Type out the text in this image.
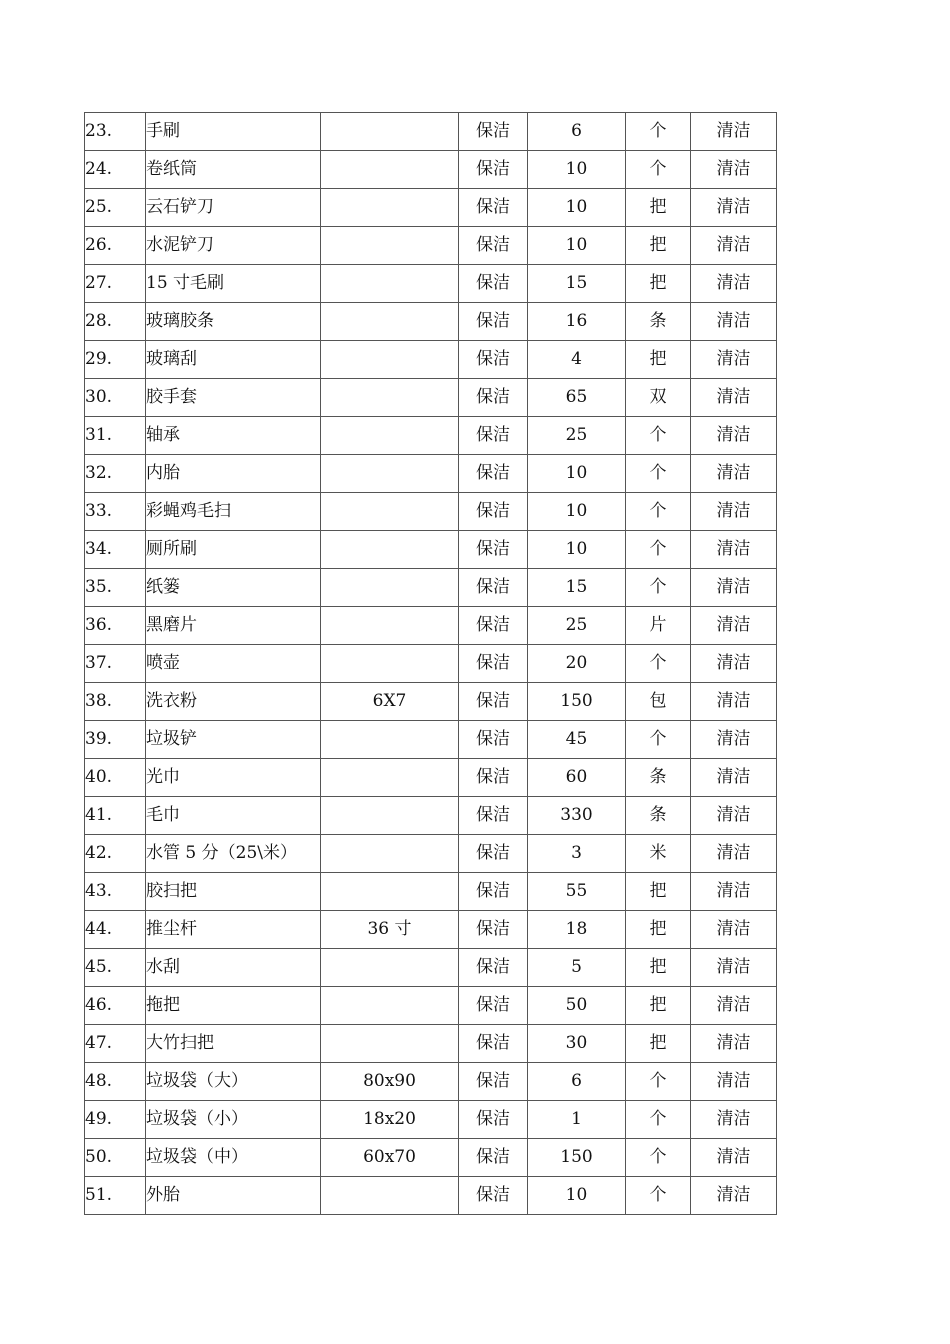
23.	手刷		保洁	6	个	清洁
24.	卷纸筒		保洁	10	个	清洁
25.	云石铲刀		保洁	10	把	清洁
26.	水泥铲刀		保洁	10	把	清洁
27.	15 寸毛刷		保洁	15	把	清洁
28.	玻璃胶条		保洁	16	条	清洁
29.	玻璃刮		保洁	4	把	清洁
30.	胶手套		保洁	65	双	清洁
31.	轴承		保洁	25	个	清洁
32.	内胎		保洁	10	个	清洁
33.	彩蝇鸡毛扫		保洁	10	个	清洁
34.	厕所刷		保洁	10	个	清洁
35.	纸篓		保洁	15	个	清洁
36.	黑磨片		保洁	25	片	清洁
37.	喷壶		保洁	20	个	清洁
38.	洗衣粉	6X7	保洁	150	包	清洁
39.	垃圾铲		保洁	45	个	清洁
40.	光巾		保洁	60	条	清洁
41.	毛巾		保洁	330	条	清洁
42.	水管 5 分（25\米）		保洁	3	米	清洁
43.	胶扫把		保洁	55	把	清洁
44.	推尘杆	36 寸	保洁	18	把	清洁
45.	水刮		保洁	5	把	清洁
46.	拖把		保洁	50	把	清洁
47.	大竹扫把		保洁	30	把	清洁
48.	垃圾袋（大）	80x90	保洁	6	个	清洁
49.	垃圾袋（小）	18x20	保洁	1	个	清洁
50.	垃圾袋（中）	60x70	保洁	150	个	清洁
51.	外胎		保洁	10	个	清洁
